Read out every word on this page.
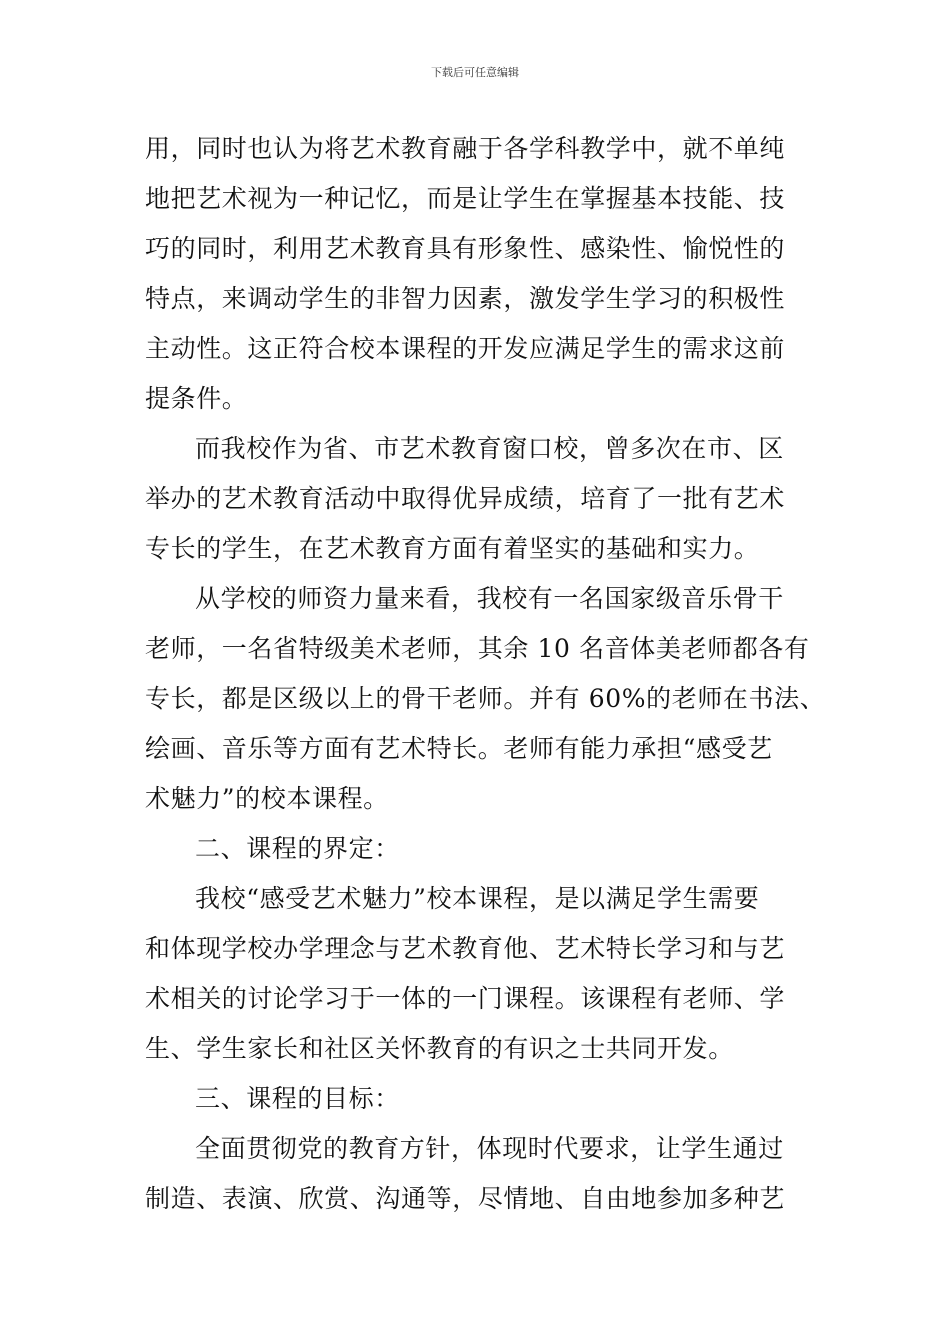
下载后可任意编辑
用，同时也认为将艺术教育融于各学科教学中，就不单纯
地把艺术视为一种记忆，而是让学生在掌握基本技能、技
巧的同时，利用艺术教育具有形象性、感染性、愉悦性的
特点，来调动学生的非智力因素，激发学生学习的积极性
主动性。这正符合校本课程的开发应满足学生的需求这前
提条件。
而我校作为省、市艺术教育窗口校，曾多次在市、区
举办的艺术教育活动中取得优异成绩，培育了一批有艺术
专长的学生，在艺术教育方面有着坚实的基础和实力。
从学校的师资力量来看，我校有一名国家级音乐骨干
老师，一名省特级美术老师，其余 10 名音体美老师都各有
专长，都是区级以上的骨干老师。并有 60%的老师在书法、
绘画、音乐等方面有艺术特长。老师有能力承担“感受艺
术魅力”的校本课程。
二、课程的界定：
我校“感受艺术魅力”校本课程，是以满足学生需要
和体现学校办学理念与艺术教育他、艺术特长学习和与艺
术相关的讨论学习于一体的一门课程。该课程有老师、学
生、学生家长和社区关怀教育的有识之士共同开发。
三、课程的目标：
全面贯彻党的教育方针，体现时代要求，让学生通过
制造、表演、欣赏、沟通等，尽情地、自由地参加多种艺
